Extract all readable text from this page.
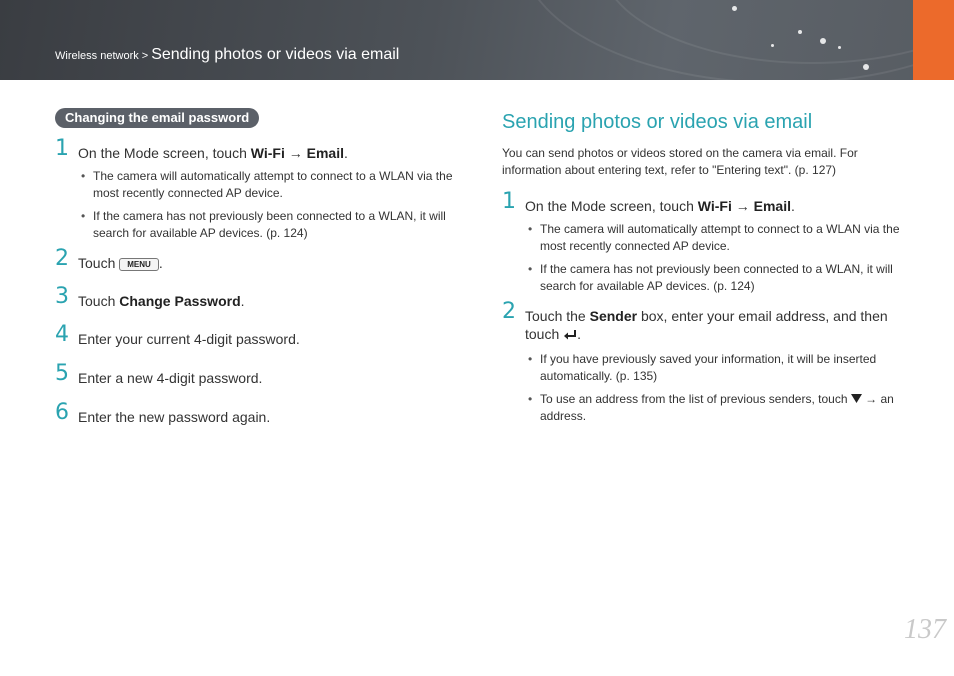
Wireless network > Sending photos or videos via email
Changing the email password
1 On the Mode screen, touch Wi-Fi → Email.
• The camera will automatically attempt to connect to a WLAN via the most recently connected AP device.
• If the camera has not previously been connected to a WLAN, it will search for available AP devices. (p. 124)
2 Touch MENU .
3 Touch Change Password.
4 Enter your current 4-digit password.
5 Enter a new 4-digit password.
6 Enter the new password again.
Sending photos or videos via email
You can send photos or videos stored on the camera via email. For information about entering text, refer to "Entering text". (p. 127)
1 On the Mode screen, touch Wi-Fi → Email.
• The camera will automatically attempt to connect to a WLAN via the most recently connected AP device.
• If the camera has not previously been connected to a WLAN, it will search for available AP devices. (p. 124)
2 Touch the Sender box, enter your email address, and then touch .
• If you have previously saved your information, it will be inserted automatically. (p. 135)
• To use an address from the list of previous senders, touch  → an address.
137
